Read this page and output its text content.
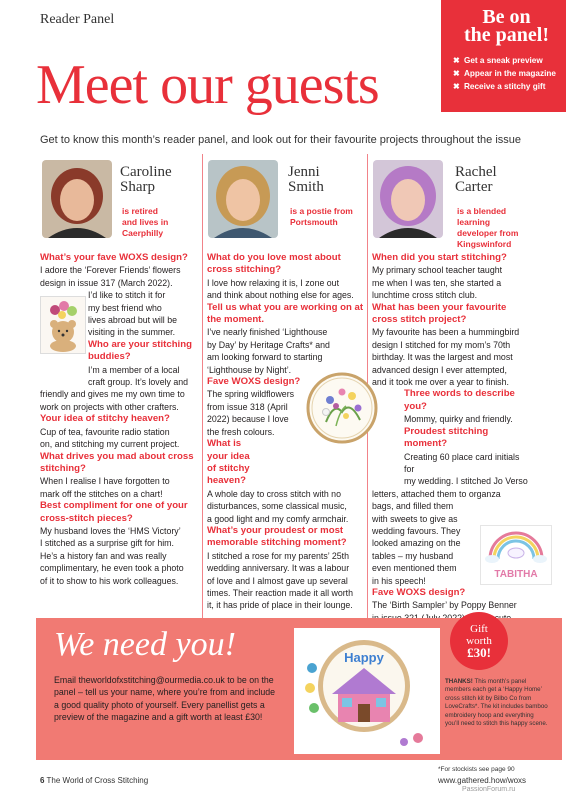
Reader Panel	Be on
the panel!
✖ Get a sneak preview
✖ Appear in the magazine
✖ Receive a stitchy gift
Meet our guests
Get to know this month’s reader panel, and look out for their favourite projects throughout the issue
Caroline
Sharp
is retired
and lives in
Caerphilly
Jenni
Smith
is a postie from
Portsmouth
Rachel
Carter
is a blended
learning
developer from
Kingswinford

What’s your fave WOXS design?

I adore the ‘Forever Friends’ flowers

design in issue 317 (March 2022).

I’d like to stitch it for

my best friend who

lives abroad but will be

visiting in the summer.

Who are your stitching buddies?

I’m a member of a local

craft group. It’s lovely and

friendly and gives me my own time to

work on projects with other crafters.

Your idea of stitchy heaven?

Cup of tea, favourite radio station

on, and stitching my current project.

What drives you mad about cross stitching?

When I realise I have forgotten to

mark off the stitches on a chart!

Best compliment for one of your cross-stitch pieces?

My husband loves the ‘HMS Victory’

I stitched as a surprise gift for him.

He’s a history fan and was really

complimentary, he even took a photo

of it to show to his work colleagues.

What do you love most about cross stitching?

I love how relaxing it is, I zone out

and think about nothing else for ages.

Tell us what you are working on at the moment.

I’ve nearly finished ‘Lighthouse

by Day’ by Heritage Crafts* and

am looking forward to starting

‘Lighthouse by Night’.

Fave WOXS design?

The spring wildflowers

from issue 318 (April

2022) because I love

the fresh colours.

What is your idea of stitchy heaven?

A whole day to cross stitch with no

disturbances, some classical music,

a good light and my comfy armchair.

What’s your proudest or most memorable stitching moment?

I stitched a rose for my parents’ 25th

wedding anniversary. It was a labour

of love and I almost gave up several

times. Their reaction made it all worth

it, it has pride of place in their lounge.

When did you start stitching?

My primary school teacher taught

me when I was ten, she started a

lunchtime cross stitch club.

What has been your favourite cross stitch project?

My favourite has been a hummingbird

design I stitched for my mom’s 70th

birthday. It was the largest and most

advanced design I ever attempted,

and it took me over a year to finish.

Three words to describe you?

Mommy, quirky and friendly.

Proudest stitching moment?

Creating 60 place card initials for

my wedding. I stitched Jo Verso

letters, attached them to organza

bags, and filled them

with sweets to give as

wedding favours. They

looked amazing on the

tables – my husband

even mentioned them

in his speech!

Fave WOXS design?

The ‘Birth Sampler’ by Poppy Benner

TABITHA
We need you!
Email theworldofxstitching@ourmedia.co.uk to be on the
panel – tell us your name, where you’re from and include
a good quality photo of yourself. Every panellist gets a
preview of the magazine and a gift worth at least £30!
Happy
Gift
worth
£30!
THANKS! This month’s panel
members each get a ‘Happy Home’
cross stitch kit by Bilbo Co from
LoveCrafts*. The kit includes bamboo
embroidery hoop and everything
you’ll need to stitch this happy scene.
*For stockists see page 90
6 The World of Cross Stitching	www.gathered.how/woxs
PassionForum.ru
